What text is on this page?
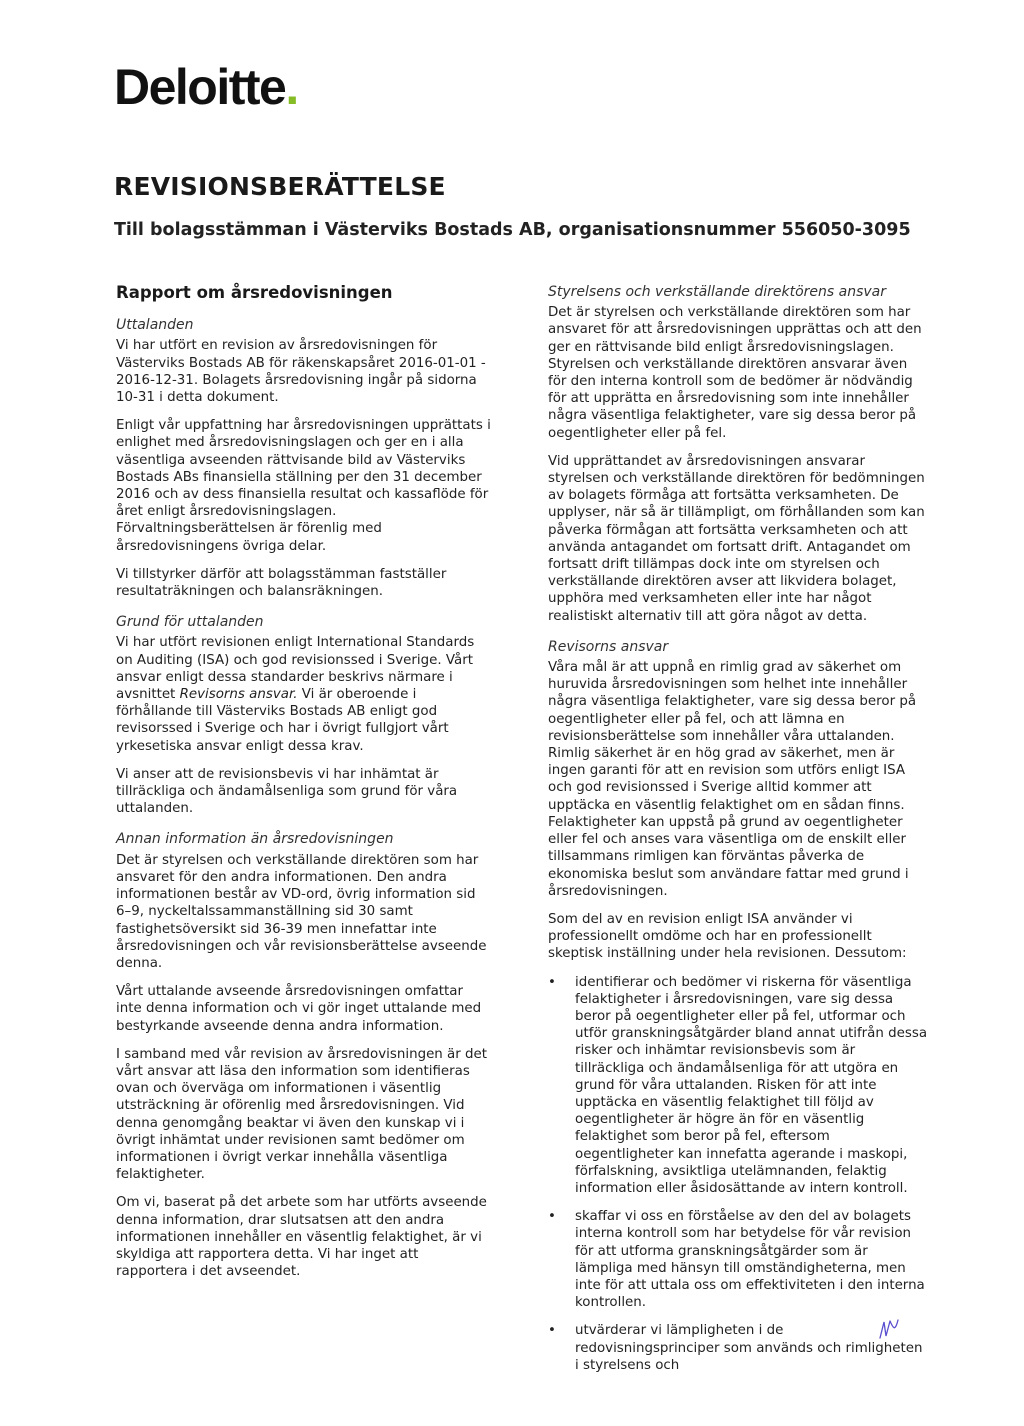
Deloitte.
REVISIONSBERÄTTELSE
Till bolagsstämman i Västerviks Bostads AB, organisationsnummer 556050-3095
Rapport om årsredovisningen
Uttalanden

Vi har utfört en revision av årsredovisningen för Västerviks Bostads AB för räkenskapsåret 2016-01-01 - 2016-12-31. Bolagets årsredovisning ingår på sidorna 10-31 i detta dokument.

Enligt vår uppfattning har årsredovisningen upprättats i enlighet med årsredovisningslagen och ger en i alla väsentliga avseenden rättvisande bild av Västerviks Bostads ABs finansiella ställning per den 31 december 2016 och av dess finansiella resultat och kassaflöde för året enligt årsredovisningslagen. Förvaltningsberättelsen är förenlig med årsredovisningens övriga delar.

Vi tillstyrker därför att bolagsstämman fastställer resultaträkningen och balansräkningen.

Grund för uttalanden

Vi har utfört revisionen enligt International Standards on Auditing (ISA) och god revisionssed i Sverige. Vårt ansvar enligt dessa standarder beskrivs närmare i avsnittet Revisorns ansvar. Vi är oberoende i förhållande till Västerviks Bostads AB enligt god revisorssed i Sverige och har i övrigt fullgjort vårt yrkesetiska ansvar enligt dessa krav.

Vi anser att de revisionsbevis vi har inhämtat är tillräckliga och ändamålsenliga som grund för våra uttalanden.

Annan information än årsredovisningen

Det är styrelsen och verkställande direktören som har ansvaret för den andra informationen. Den andra informationen består av VD-ord, övrig information sid 6–9, nyckeltalssammanställning sid 30 samt fastighetsöversikt sid 36-39 men innefattar inte årsredovisningen och vår revisionsberättelse avseende denna.

Vårt uttalande avseende årsredovisningen omfattar inte denna information och vi gör inget uttalande med bestyrkande avseende denna andra information.

I samband med vår revision av årsredovisningen är det vårt ansvar att läsa den information som identifieras ovan och överväga om informationen i väsentlig utsträckning är oförenlig med årsredovisningen. Vid denna genomgång beaktar vi även den kunskap vi i övrigt inhämtat under revisionen samt bedömer om informationen i övrigt verkar innehålla väsentliga felaktigheter.

Om vi, baserat på det arbete som har utförts avseende denna information, drar slutsatsen att den andra informationen innehåller en väsentlig felaktighet, är vi skyldiga att rapportera detta. Vi har inget att rapportera i det avseendet.

Styrelsens och verkställande direktörens ansvar

Det är styrelsen och verkställande direktören som har ansvaret för att årsredovisningen upprättas och att den ger en rättvisande bild enligt årsredovisningslagen. Styrelsen och verkställande direktören ansvarar även för den interna kontroll som de bedömer är nödvändig för att upprätta en årsredovisning som inte innehåller några väsentliga felaktigheter, vare sig dessa beror på oegentligheter eller på fel.

Vid upprättandet av årsredovisningen ansvarar styrelsen och verkställande direktören för bedömningen av bolagets förmåga att fortsätta verksamheten. De upplyser, när så är tillämpligt, om förhållanden som kan påverka förmågan att fortsätta verksamheten och att använda antagandet om fortsatt drift. Antagandet om fortsatt drift tillämpas dock inte om styrelsen och verkställande direktören avser att likvidera bolaget, upphöra med verksamheten eller inte har något realistiskt alternativ till att göra något av detta.

Revisorns ansvar

Våra mål är att uppnå en rimlig grad av säkerhet om huruvida årsredovisningen som helhet inte innehåller några väsentliga felaktigheter, vare sig dessa beror på oegentligheter eller på fel, och att lämna en revisionsberättelse som innehåller våra uttalanden. Rimlig säkerhet är en hög grad av säkerhet, men är ingen garanti för att en revision som utförs enligt ISA och god revisionssed i Sverige alltid kommer att upptäcka en väsentlig felaktighet om en sådan finns. Felaktigheter kan uppstå på grund av oegentligheter eller fel och anses vara väsentliga om de enskilt eller tillsammans rimligen kan förväntas påverka de ekonomiska beslut som användare fattar med grund i årsredovisningen.

Som del av en revision enligt ISA använder vi professionellt omdöme och har en professionellt skeptisk inställning under hela revisionen. Dessutom:

• identifierar och bedömer vi riskerna för väsentliga felaktigheter i årsredovisningen, vare sig dessa beror på oegentligheter eller på fel, utformar och utför granskningsåtgärder bland annat utifrån dessa risker och inhämtar revisionsbevis som är tillräckliga och ändamålsenliga för att utgöra en grund för våra uttalanden. Risken för att inte upptäcka en väsentlig felaktighet till följd av oegentligheter är högre än för en väsentlig felaktighet som beror på fel, eftersom oegentligheter kan innefatta agerande i maskopi, förfalskning, avsiktliga utelämnanden, felaktig information eller åsidosättande av intern kontroll.
• skaffar vi oss en förståelse av den del av bolagets interna kontroll som har betydelse för vår revision för att utforma granskningsåtgärder som är lämpliga med hänsyn till omständigheterna, men inte för att uttala oss om effektiviteten i den interna kontrollen.
• utvärderar vi lämpligheten i de redovisningsprinciper som används och rimligheten i styrelsens och
